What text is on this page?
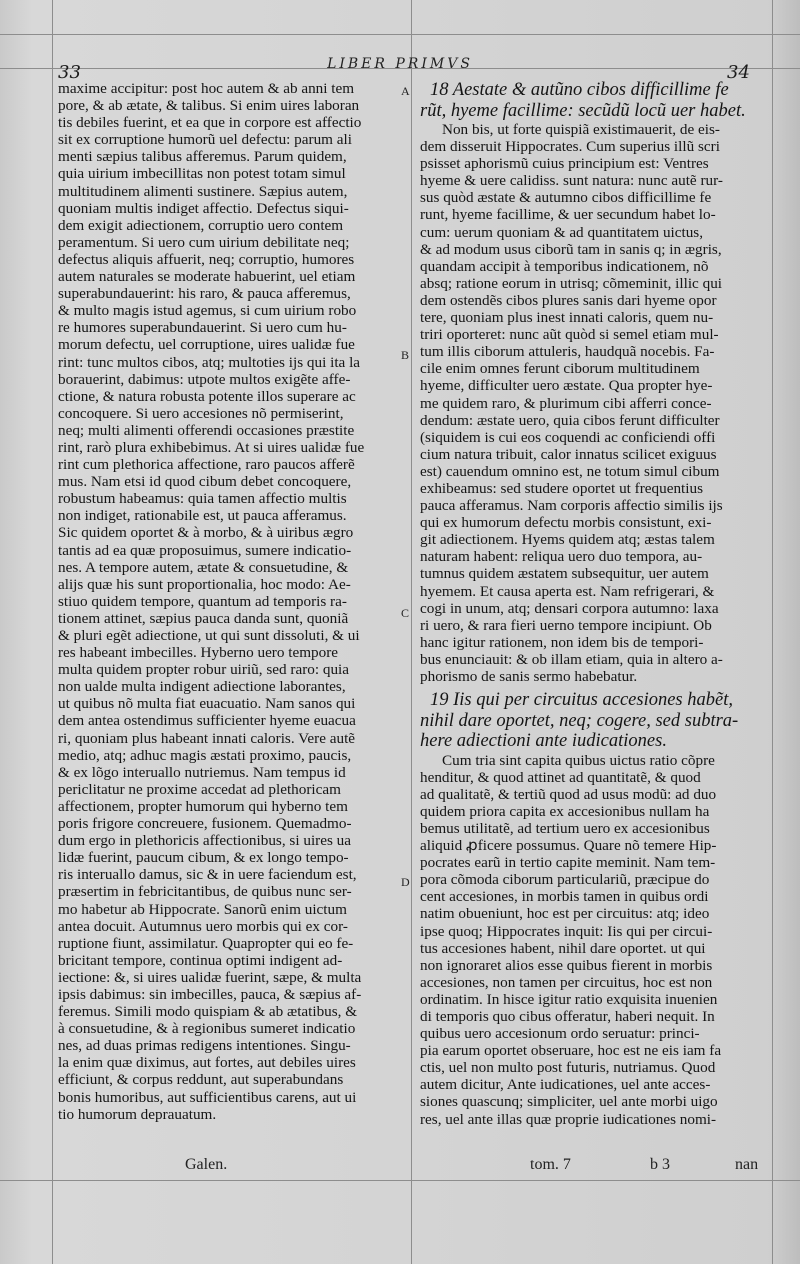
33	LIBER PRIMVS	34
A
B
C
D
maxime accipitur: post hoc autem & ab anni tem
pore, & ab ætate, & talibus. Si enim uires laboran
tis debiles fuerint, et ea que in corpore est affectio
sit ex corruptione humorũ uel defectu: parum ali
menti sæpius talibus afferemus. Parum quidem,
quia uirium imbecillitas non potest totam simul
multitudinem alimenti sustinere. Sæpius autem,
quoniam multis indiget affectio. Defectus siqui-
dem exigit adiectionem, corruptio uero contem
peramentum. Si uero cum uirium debilitate neq;
defectus aliquis affuerit, neq; corruptio, humores
autem naturales se moderate habuerint, uel etiam
superabundauerint: his raro, & pauca afferemus,
& multo magis istud agemus, si cum uirium robo
re humores superabundauerint. Si uero cum hu-
morum defectu, uel corruptione, uires ualidæ fue
rint: tunc multos cibos, atq; multoties ijs qui ita la
borauerint, dabimus: utpote multos exigẽte affe-
ctione, & natura robusta potente illos superare ac
concoquere. Si uero accesiones nõ permiserint,
neq; multi alimenti offerendi occasiones præstite
rint, rarò plura exhibebimus. At si uires ualidæ fue
rint cum plethorica affectione, raro paucos afferẽ
mus. Nam etsi id quod cibum debet concoquere,
robustum habeamus: quia tamen affectio multis
non indiget, rationabile est, ut pauca afferamus.
Sic quidem oportet & à morbo, & à uiribus ægro
tantis ad ea quæ proposuimus, sumere indicatio-
nes. A tempore autem, ætate & consuetudine, &
alijs quæ his sunt proportionalia, hoc modo: Ae-
stiuo quidem tempore, quantum ad temporis ra-
tionem attinet, sæpius pauca danda sunt, quoniã
& pluri egẽt adiectione, ut qui sunt dissoluti, & ui
res habeant imbecilles. Hyberno uero tempore
multa quidem propter robur uiriũ, sed raro: quia
non ualde multa indigent adiectione laborantes,
ut quibus nõ multa fiat euacuatio. Nam sanos qui
dem antea ostendimus sufficienter hyeme euacua
ri, quoniam plus habeant innati caloris. Vere autẽ
medio, atq; adhuc magis æstati proximo, paucis,
& ex lõgo interuallo nutriemus. Nam tempus id
periclitatur ne proxime accedat ad plethoricam
affectionem, propter humorum qui hyberno tem
poris frigore concreuere, fusionem. Quemadmo-
dum ergo in plethoricis affectionibus, si uires ua
lidæ fuerint, paucum cibum, & ex longo tempo-
ris interuallo damus, sic & in uere faciendum est,
præsertim in febricitantibus, de quibus nunc ser-
mo habetur ab Hippocrate. Sanorũ enim uictum
antea docuit. Autumnus uero morbis qui ex cor-
ruptione fiunt, assimilatur. Quapropter qui eo fe-
bricitant tempore, continua optimi indigent ad-
iectione: &, si uires ualidæ fuerint, sæpe, & multa
ipsis dabimus: sin imbecilles, pauca, & sæpius af-
feremus. Simili modo quispiam & ab ætatibus, &
à consuetudine, & à regionibus sumeret indicatio
nes, ad duas primas redigens intentiones. Singu-
la enim quæ diximus, aut fortes, aut debiles uires
efficiunt, & corpus reddunt, aut superabundans
bonis humoribus, aut sufficientibus carens, aut ui
tio humorum deprauatum.
18 Aestate & autũno cibos difficillime fe
rũt, hyeme facillime: secũdũ locũ uer habet.
Non bis, ut forte quispiã existimauerit, de eis-
dem disseruit Hippocrates. Cum superius illũ scri
psisset aphorismũ cuius principium est: Ventres
hyeme & uere calidiss. sunt natura: nunc autẽ rur-
sus quòd æstate & autumno cibos difficillime fe
runt, hyeme facillime, & uer secundum habet lo-
cum: uerum quoniam & ad quantitatem uictus,
& ad modum usus ciborũ tam in sanis q; in ægris,
quandam accipit à temporibus indicationem, nõ
absq; ratione eorum in utrisq; cõmeminit, illic qui
dem ostendẽs cibos plures sanis dari hyeme opor
tere, quoniam plus inest innati caloris, quem nu-
triri oporteret: nunc aũt quòd si semel etiam mul-
tum illis ciborum attuleris, haudquã nocebis. Fa-
cile enim omnes ferunt ciborum multitudinem
hyeme, difficulter uero æstate. Qua propter hye-
me quidem raro, & plurimum cibi afferri conce-
dendum: æstate uero, quia cibos ferunt difficulter
(siquidem is cui eos coquendi ac conficiendi offi
cium natura tribuit, calor innatus scilicet exiguus
est) cauendum omnino est, ne totum simul cibum
exhibeamus: sed studere oportet ut frequentius
pauca afferamus. Nam corporis affectio similis ijs
qui ex humorum defectu morbis consistunt, exi-
git adiectionem. Hyems quidem atq; æstas talem
naturam habent: reliqua uero duo tempora, au-
tumnus quidem æstatem subsequitur, uer autem
hyemem. Et causa aperta est. Nam refrigerari, &
cogi in unum, atq; densari corpora autumno: laxa
ri uero, & rara fieri uerno tempore incipiunt. Ob
hanc igitur rationem, non idem bis de tempori-
bus enunciauit: & ob illam etiam, quia in altero a-
phorismo de sanis sermo habebatur.
19 Iis qui per circuitus accesiones habẽt,
nihil dare oportet, neq; cogere, sed subtra-
here adiectioni ante iudicationes.
Cum tria sint capita quibus uictus ratio cõpre
henditur, & quod attinet ad quantitatẽ, & quod
ad qualitatẽ, & tertiũ quod ad usus modũ: ad duo
quidem priora capita ex accesionibus nullam ha
bemus utilitatẽ, ad tertium uero ex accesionibus
aliquid ꝓficere possumus. Quare nõ temere Hip-
pocrates earũ in tertio capite meminit. Nam tem-
pora cõmoda ciborum particulariũ, præcipue do
cent accesiones, in morbis tamen in quibus ordi
natim obueniunt, hoc est per circuitus: atq; ideo
ipse quoq; Hippocrates inquit: Iis qui per circui-
tus accesiones habent, nihil dare oportet. ut qui
non ignoraret alios esse quibus fierent in morbis
accesiones, non tamen per circuitus, hoc est non
ordinatim. In hisce igitur ratio exquisita inuenien
di temporis quo cibus offeratur, haberi nequit. In
quibus uero accesionum ordo seruatur: princi-
pia earum oportet obseruare, hoc est ne eis iam fa
ctis, uel non multo post futuris, nutriamus. Quod
autem dicitur, Ante iudicationes, uel ante acces-
siones quascunq; simpliciter, uel ante morbi uigo
res, uel ante illas quæ proprie iudicationes nomi-
Galen.	tom. 7	b 3	nan
